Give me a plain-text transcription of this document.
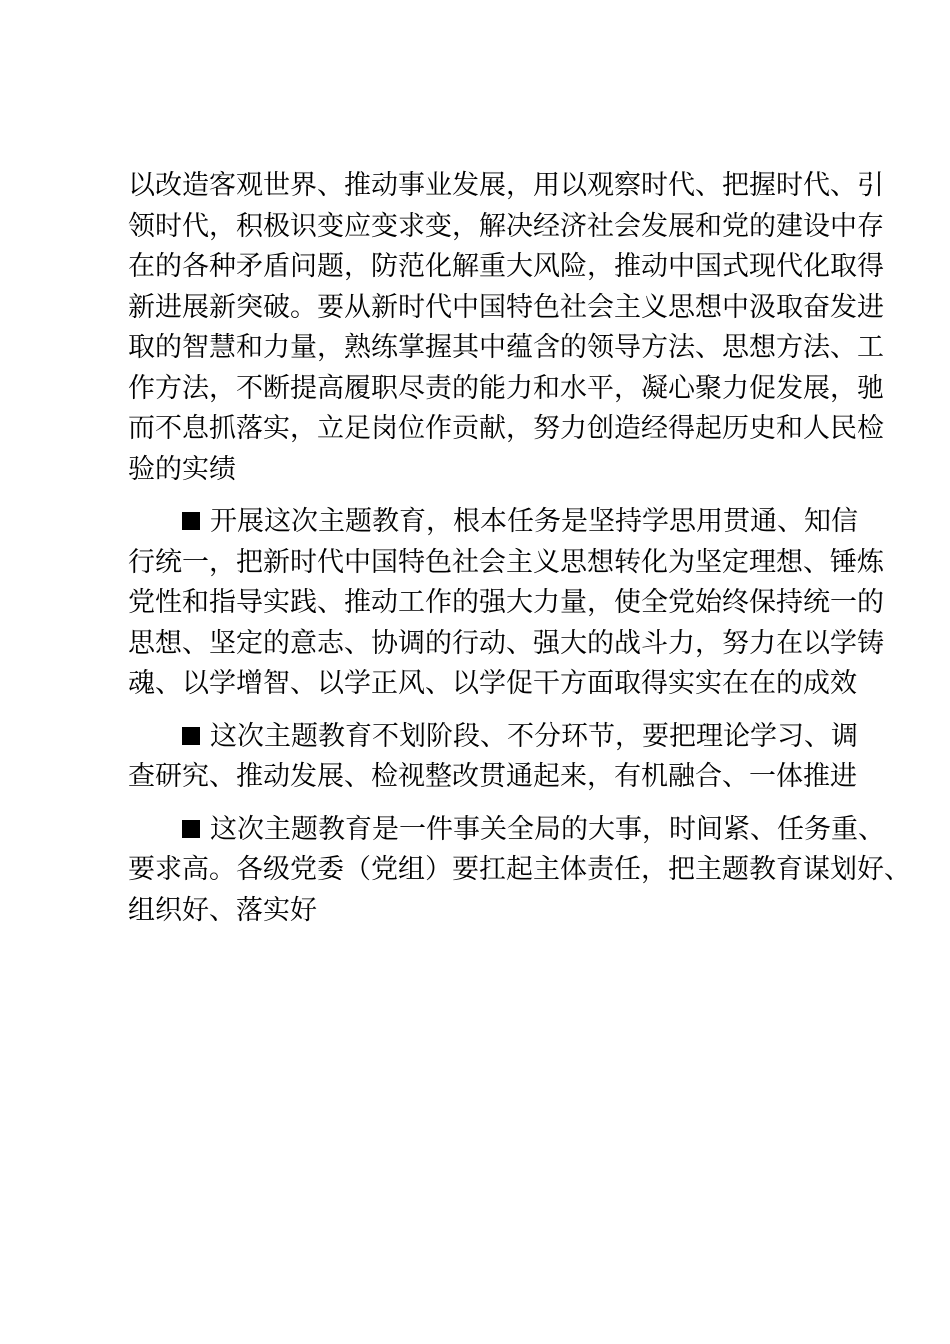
以改造客观世界、推动事业发展，用以观察时代、把握时代、引
领时代，积极识变应变求变，解决经济社会发展和党的建设中存
在的各种矛盾问题，防范化解重大风险，推动中国式现代化取得
新进展新突破。要从新时代中国特色社会主义思想中汲取奋发进
取的智慧和力量，熟练掌握其中蕴含的领导方法、思想方法、工
作方法，不断提高履职尽责的能力和水平，凝心聚力促发展，驰
而不息抓落实，立足岗位作贡献，努力创造经得起历史和人民检
验的实绩
开展这次主题教育，根本任务是坚持学思用贯通、知信
行统一，把新时代中国特色社会主义思想转化为坚定理想、锤炼
党性和指导实践、推动工作的强大力量，使全党始终保持统一的
思想、坚定的意志、协调的行动、强大的战斗力，努力在以学铸
魂、以学增智、以学正风、以学促干方面取得实实在在的成效
这次主题教育不划阶段、不分环节，要把理论学习、调
查研究、推动发展、检视整改贯通起来，有机融合、一体推进
这次主题教育是一件事关全局的大事，时间紧、任务重、
要求高。各级党委（党组）要扛起主体责任，把主题教育谋划好、
组织好、落实好
